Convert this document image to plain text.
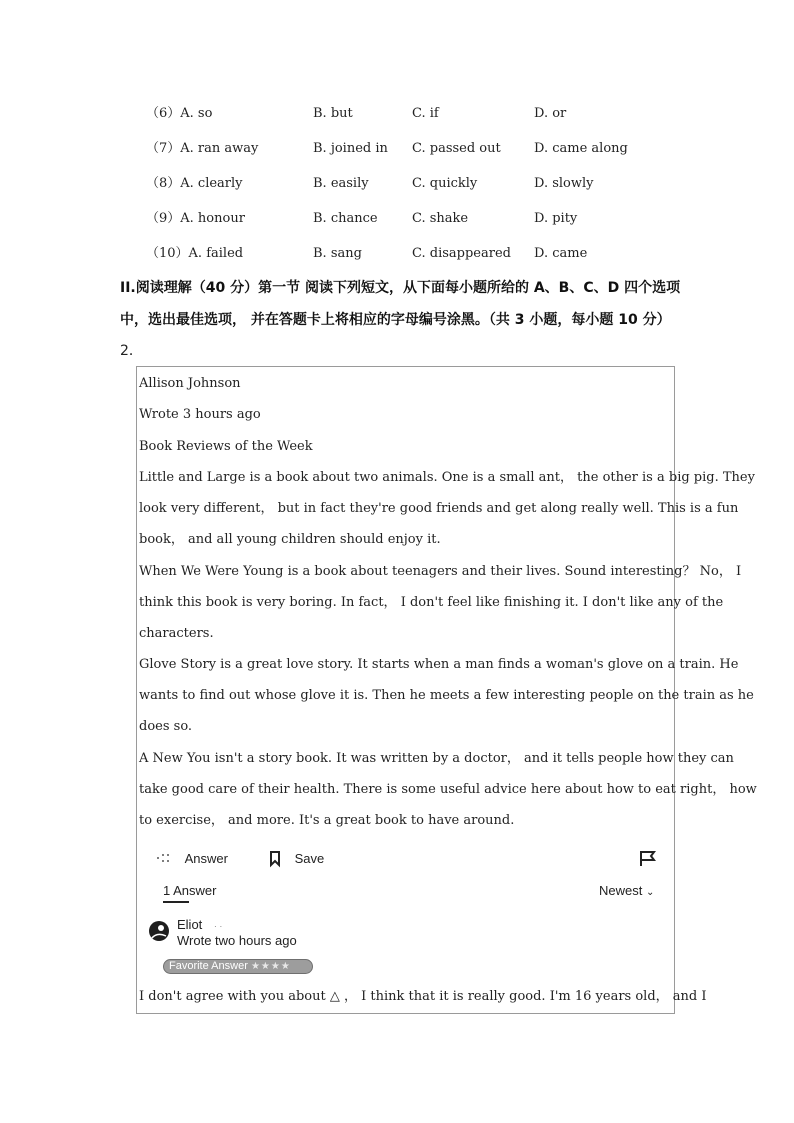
（6）A. so	B. but	C. if	D. or
（7）A. ran away	B. joined in C. passed out	D. came along
（8）A. clearly	B. easily	C. quickly	D. slowly
（9）A. honour	B. chance	C. shake	D. pity
（10）A. failed	B. sang	C. disappeared D. came
II.阅读理解（40 分）第一节 阅读下列短文，从下面每小题所给的 A、B、C、D 四个选项
中，选出最佳选项， 并在答题卡上将相应的字母编号涂黑。（共 3 小题，每小题 10 分）
2．
Allison Johnson
Wrote 3 hours ago
Book Reviews of the Week
Little and Large is a book about two animals. One is a small ant， the other is a big pig. They
look very different， but in fact they're good friends and get along really well. This is a fun
book， and all young children should enjoy it.
When We Were Young is a book about teenagers and their lives. Sound interesting？ No， I
think this book is very boring. In fact， I don't feel like finishing it. I don't like any of the
characters.
Glove Story is a great love story. It starts when a man finds a woman's glove on a train. He
wants to find out whose glove it is. Then he meets a few interesting people on the train as he
does so.
A New You isn't a story book. It was written by a doctor， and it tells people how they can
take good care of their health. There is some useful advice here about how to eat right， how
to exercise， and more. It's a great book to have around.
Answer	Save
1 Answer	Newest ⌄
Eliot · ·
Wrote two hours ago
Favorite Answer ★★★★
I don't agree with you about △ ， I think that it is really good. I'm 16 years old， and I
